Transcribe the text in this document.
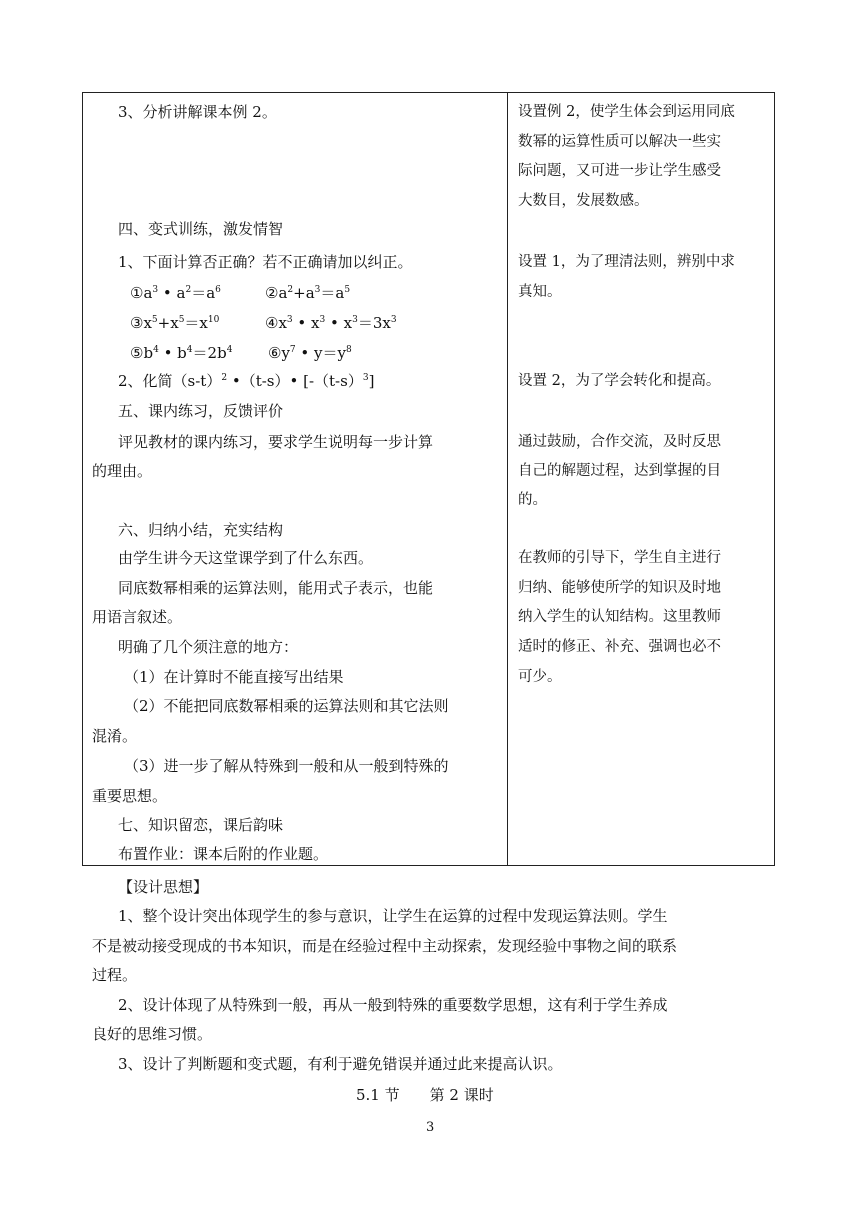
3、分析讲解课本例 2。
四、变式训练，激发情智
1、下面计算否正确？若不正确请加以纠正。
$①a^3$ • $a^2=a^6$	$②a^2+a^3=a^5$
$③x^5+x^5=x^{10}$	$④x^3$ • $x^3$ • $x^3=3x^3$
$⑤b^4$ • $b^4=2b^4$ $⑥y^7$ • $y=y^8$
2、化简$(s-t)^2$ •（t-s）• $[-(t-s)^3]$
五、课内练习，反馈评价
评见教材的课内练习，要求学生说明每一步计算
的理由。
六、归纳小结，充实结构
由学生讲今天这堂课学到了什么东西。
同底数幂相乘的运算法则，能用式子表示，也能
用语言叙述。
明确了几个须注意的地方：
（1）在计算时不能直接写出结果
（2）不能把同底数幂相乘的运算法则和其它法则
混淆。
（3）进一步了解从特殊到一般和从一般到特殊的
重要思想。
七、知识留恋，课后韵味
布置作业：课本后附的作业题。
设置例 2，使学生体会到运用同底
数幂的运算性质可以解决一些实
际问题，又可进一步让学生感受
大数目，发展数感。
设置 1，为了理清法则，辨别中求
真知。
设置 2，为了学会转化和提高。
通过鼓励，合作交流，及时反思
自己的解题过程，达到掌握的目
的。
在教师的引导下，学生自主进行
归纳、能够使所学的知识及时地
纳入学生的认知结构。这里教师
适时的修正、补充、强调也必不
可少。
【设计思想】
1、整个设计突出体现学生的参与意识，让学生在运算的过程中发现运算法则。学生
不是被动接受现成的书本知识，而是在经验过程中主动探索，发现经验中事物之间的联系
过程。
2、设计体现了从特殊到一般，再从一般到特殊的重要数学思想，这有利于学生养成
良好的思维习惯。
3、设计了判断题和变式题，有利于避免错误并通过此来提高认识。
5.1 节　　第 2 课时
3
